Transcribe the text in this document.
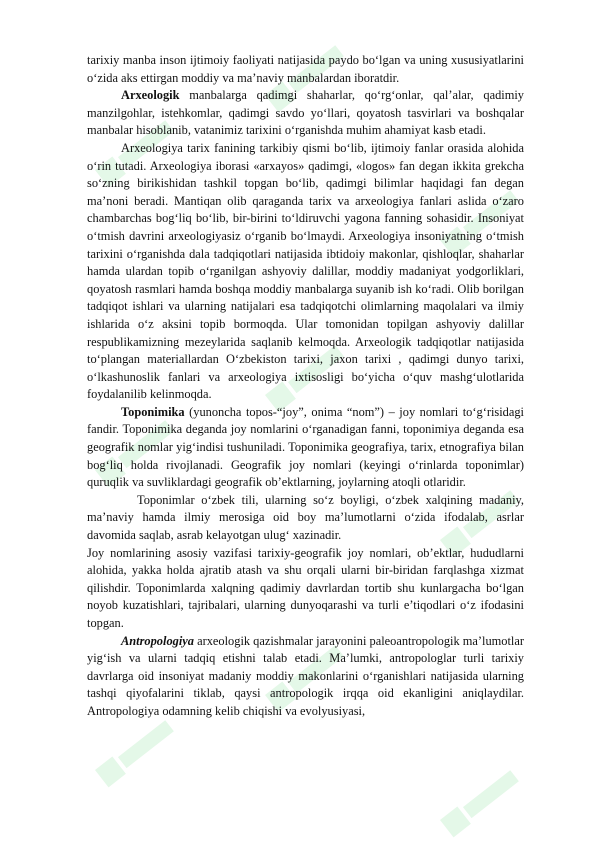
tarixiy manba inson ijtimoiy faoliyati natijasida paydo bo‘lgan va uning xususiyatlarini o‘zida aks ettirgan moddiy va ma’naviy manbalardan iboratdir.

Arxeologik manbalarga qadimgi shaharlar, qo‘rg‘onlar, qal’alar, qadimiy manzilgohlar, istehkomlar, qadimgi savdo yo‘llari, qoyatosh tasvirlari va boshqalar manbalar hisoblanib, vatanimiz tarixini o‘rganishda muhim ahamiyat kasb etadi.

Arxeologiya tarix fanining tarkibiy qismi bo‘lib, ijtimoiy fanlar orasida alohida o‘rin tutadi. Arxeologiya iborasi «arxayos» qadimgi, «logos» fan degan ikkita grekcha so‘zning birikishidan tashkil topgan bo‘lib, qadimgi bilimlar haqidagi fan degan ma’noni beradi. Mantiqan olib qaraganda tarix va arxeologiya fanlari aslida o‘zaro chambarchas bog‘liq bo‘lib, bir-birini to‘ldiruvchi yagona fanning sohasidir. Insoniyat o‘tmish davrini arxeologiyasiz o‘rganib bo‘lmaydi. Arxeologiya insoniyatning o‘tmish tarixini o‘rganishda dala tadqiqotlari natijasida ibtidoiy makonlar, qishloqlar, shaharlar hamda ulardan topib o‘rganilgan ashyoviy dalillar, moddiy madaniyat yodgorliklari, qoyatosh rasmlari hamda boshqa moddiy manbalarga suyanib ish ko‘radi. Olib borilgan tadqiqot ishlari va ularning natijalari esa tadqiqotchi olimlarning maqolalari va ilmiy ishlarida o‘z aksini topib bormoqda. Ular tomonidan topilgan ashyoviy dalillar respublikamizning mezeylarida saqlanib kelmoqda. Arxeologik tadqiqotlar natijasida to‘plangan materiallardan O‘zbekiston tarixi, jaxon tarixi , qadimgi dunyo tarixi, o‘lkashunoslik fanlari va arxeologiya ixtisosligi bo‘yicha o‘quv mashg‘ulotlarida foydalanilib kelinmoqda.

Toponimika (yunoncha topos-“joy”, onima “nom”) – joy nomlari to‘g‘risidagi fandir. Toponimika deganda joy nomlarini o‘rganadigan fanni, toponimiya deganda esa geografik nomlar yig‘indisi tushuniladi. Toponimika geografiya, tarix, etnografiya bilan bog‘liq holda rivojlanadi. Geografik joy nomlari (keyingi o‘rinlarda toponimlar) quruqlik va suvliklardagi geografik ob’ektlarning, joylarning atoqli otlaridir.

Toponimlar o‘zbek tili, ularning so‘z boyligi, o‘zbek xalqining madaniy, ma’naviy hamda ilmiy merosiga oid boy ma’lumotlarni o‘zida ifodalab, asrlar davomida saqlab, asrab kelayotgan ulug‘ xazinadir.

Joy nomlarining asosiy vazifasi tarixiy-geografik joy nomlari, ob’ektlar, hududlarni alohida, yakka holda ajratib atash va shu orqali ularni bir-biridan farqlashga xizmat qilishdir. Toponimlarda xalqning qadimiy davrlardan tortib shu kunlargacha bo‘lgan noyob kuzatishlari, tajribalari, ularning dunyoqarashi va turli e’tiqodlari o‘z ifodasini topgan.

Antropologiya arxeologik qazishmalar jarayonini paleoantropologik ma’lumotlar yig‘ish va ularni tadqiq etishni talab etadi. Ma’lumki, antropologlar turli tarixiy davrlarga oid insoniyat madaniy moddiy makonlarini o‘rganishlari natijasida ularning tashqi qiyofalarini tiklab, qaysi antropologik irqqa oid ekanligini aniqlaydilar. Antropologiya odamning kelib chiqishi va evolyusiyasi,
